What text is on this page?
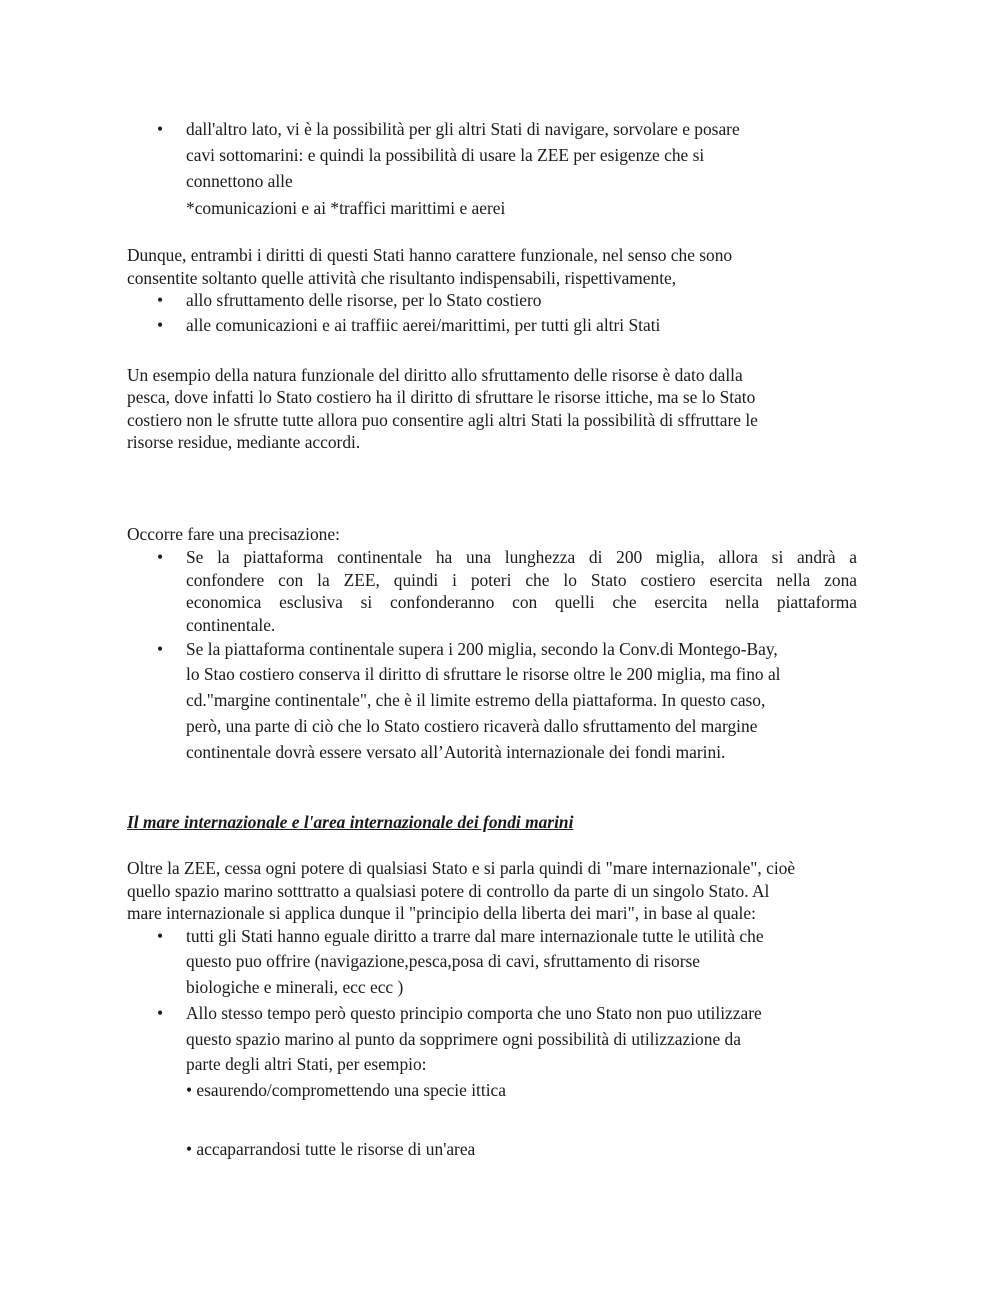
•	dall'altro lato, vi è la possibilità per gli altri Stati di navigare, sorvolare e posare
cavi sottomarini: e quindi la possibilità di usare la ZEE per esigenze che si
connettono alle
*comunicazioni e ai *traffici marittimi e aerei
Dunque, entrambi i diritti di questi Stati hanno carattere funzionale, nel senso che sono
consentite soltanto quelle attività che risultanto indispensabili, rispettivamente,
•	allo sfruttamento delle risorse, per lo Stato costiero
•	alle comunicazioni e ai traffiic aerei/marittimi, per tutti gli altri Stati
Un esempio della natura funzionale del diritto allo sfruttamento delle risorse è dato dalla
pesca, dove infatti lo Stato costiero ha il diritto di sfruttare le risorse ittiche, ma se lo Stato
costiero non le sfrutte tutte allora puo consentire agli altri Stati la possibilità di sffruttare le
risorse residue, mediante accordi.
Occorre fare una precisazione:
•	Se la piattaforma continentale ha una lunghezza di 200 miglia, allora si andrà a
confondere con la ZEE, quindi i poteri che lo Stato costiero esercita nella zona
economica esclusiva si confonderanno con quelli che esercita nella piattaforma
continentale.
•	Se la piattaforma continentale supera i 200 miglia, secondo la Conv.di Montego-Bay,
lo Stao costiero conserva il diritto di sfruttare le risorse oltre le 200 miglia, ma fino al
cd."margine continentale", che è il limite estremo della piattaforma. In questo caso,
però, una parte di ciò che lo Stato costiero ricaverà dallo sfruttamento del margine
continentale dovrà essere versato all’Autorità internazionale dei fondi marini.
Il mare internazionale e l'area internazionale dei fondi marini
Oltre la ZEE, cessa ogni potere di qualsiasi Stato e si parla quindi di "mare internazionale", cioè
quello spazio marino sotttratto a qualsiasi potere di controllo da parte di un singolo Stato. Al
mare internazionale si applica dunque il "principio della liberta dei mari", in base al quale:
•	tutti gli Stati hanno eguale diritto a trarre dal mare internazionale tutte le utilità che
questo puo offrire (navigazione,pesca,posa di cavi, sfruttamento di risorse
biologiche e minerali, ecc ecc )
•	Allo stesso tempo però questo principio comporta che uno Stato non puo utilizzare
questo spazio marino al punto da sopprimere ogni possibilità di utilizzazione da
parte degli altri Stati, per esempio:
• esaurendo/compromettendo una specie ittica
• accaparrandosi tutte le risorse di un'area
